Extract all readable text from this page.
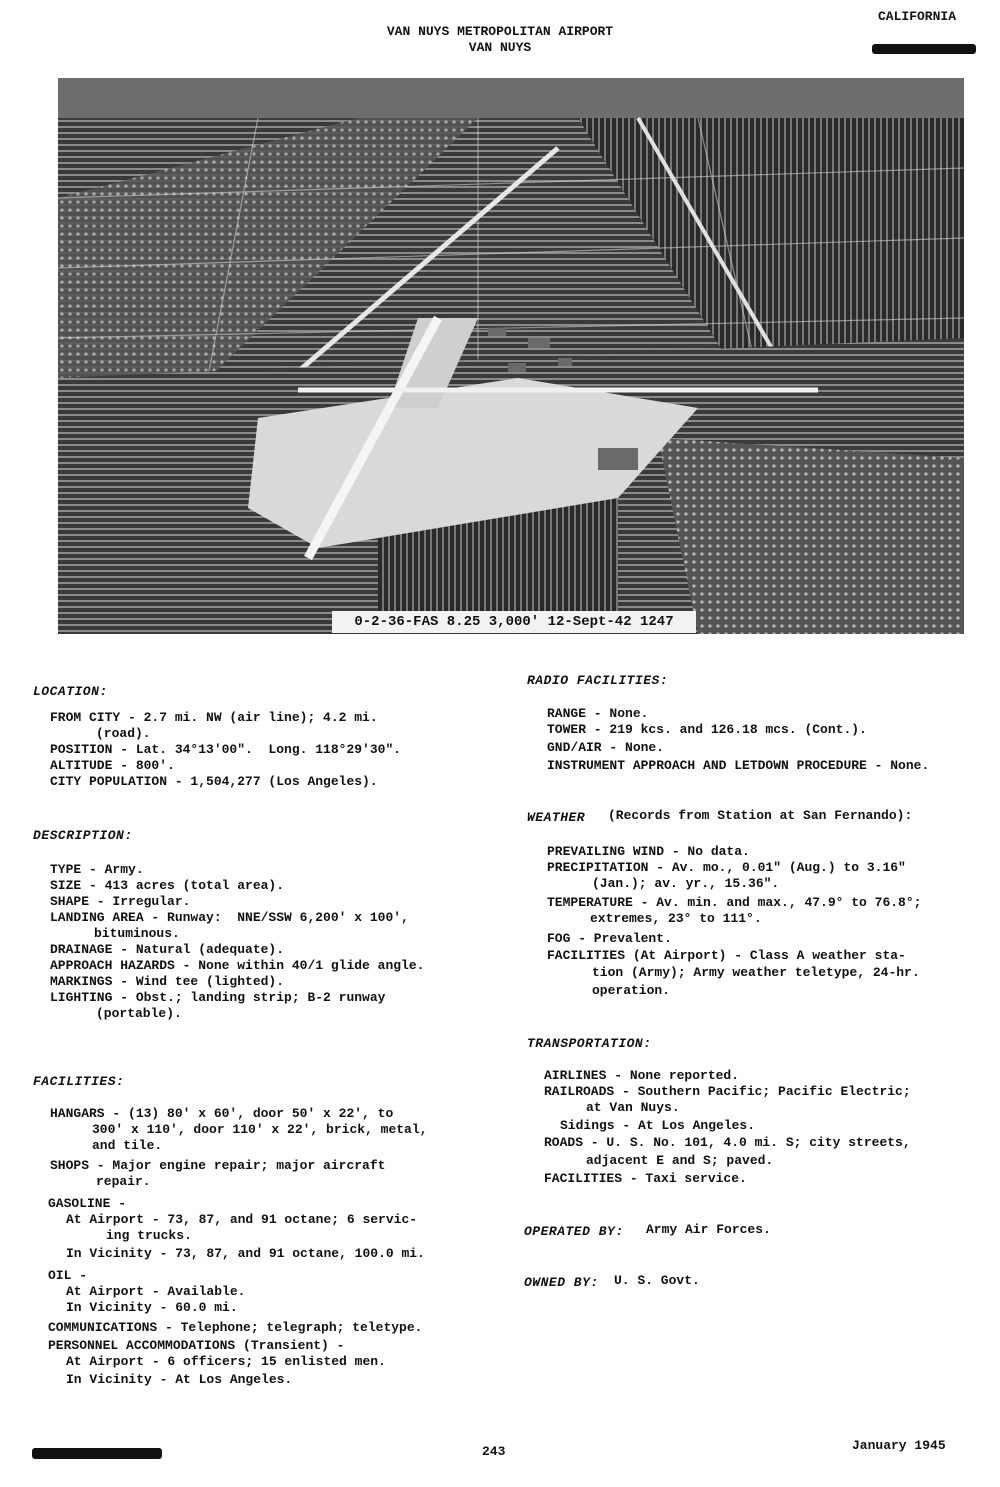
VAN NUYS METROPOLITAN AIRPORT
VAN NUYS
CALIFORNIA
0-2-36-FAS 8.25 3,000' 12-Sept-42 1247
LOCATION:
FROM CITY - 2.7 mi. NW (air line); 4.2 mi.
(road).
POSITION - Lat. 34°13'00".  Long. 118°29'30".
ALTITUDE - 800'.
CITY POPULATION - 1,504,277 (Los Angeles).
DESCRIPTION:
TYPE - Army.
SIZE - 413 acres (total area).
SHAPE - Irregular.
LANDING AREA - Runway:  NNE/SSW 6,200' x 100',
bituminous.
DRAINAGE - Natural (adequate).
APPROACH HAZARDS - None within 40/1 glide angle.
MARKINGS - Wind tee (lighted).
LIGHTING - Obst.; landing strip; B-2 runway
(portable).
FACILITIES:
HANGARS - (13) 80' x 60', door 50' x 22', to
300' x 110', door 110' x 22', brick, metal,
and tile.
SHOPS - Major engine repair; major aircraft
repair.
GASOLINE -
At Airport - 73, 87, and 91 octane; 6 servic-
ing trucks.
In Vicinity - 73, 87, and 91 octane, 100.0 mi.
OIL -
At Airport - Available.
In Vicinity - 60.0 mi.
COMMUNICATIONS - Telephone; telegraph; teletype.
PERSONNEL ACCOMMODATIONS (Transient) -
At Airport - 6 officers; 15 enlisted men.
In Vicinity - At Los Angeles.
RADIO FACILITIES:
RANGE - None.
TOWER - 219 kcs. and 126.18 mcs. (Cont.).
GND/AIR - None.
INSTRUMENT APPROACH AND LETDOWN PROCEDURE - None.
WEATHER (Records from Station at San Fernando):
PREVAILING WIND - No data.
PRECIPITATION - Av. mo., 0.01" (Aug.) to 3.16"
(Jan.); av. yr., 15.36".
TEMPERATURE - Av. min. and max., 47.9° to 76.8°;
extremes, 23° to 111°.
FOG - Prevalent.
FACILITIES (At Airport) - Class A weather sta-
tion (Army); Army weather teletype, 24-hr.
operation.
TRANSPORTATION:
AIRLINES - None reported.
RAILROADS - Southern Pacific; Pacific Electric;
at Van Nuys.
Sidings - At Los Angeles.
ROADS - U. S. No. 101, 4.0 mi. S; city streets,
adjacent E and S; paved.
FACILITIES - Taxi service.
OPERATED BY: Army Air Forces.
OWNED BY: U. S. Govt.
243	January 1945
